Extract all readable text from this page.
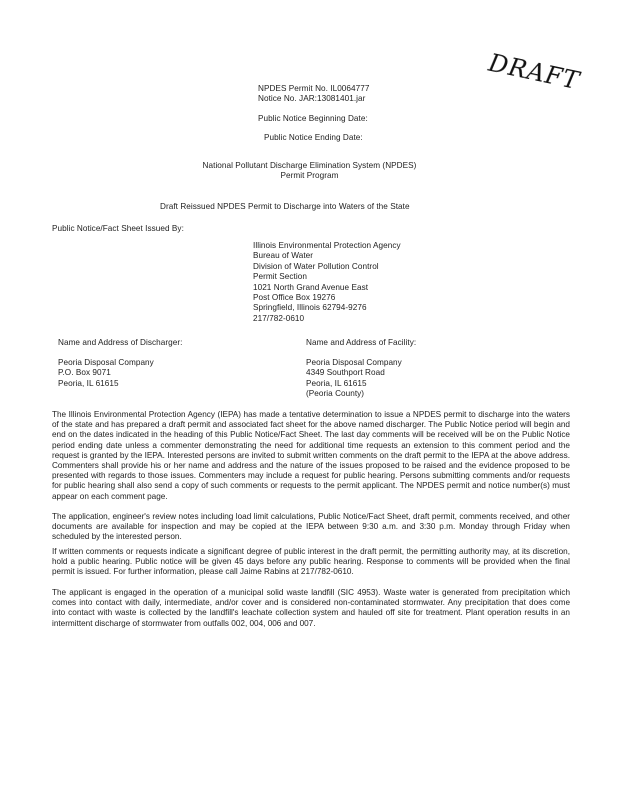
DRAFT
NPDES Permit No. IL0064777
Notice No. JAR:13081401.jar
Public Notice Beginning Date:
Public Notice Ending Date:
National Pollutant Discharge Elimination System (NPDES)
Permit Program
Draft Reissued NPDES Permit to Discharge into Waters of the State
Public Notice/Fact Sheet Issued By:
Illinois Environmental Protection Agency
Bureau of Water
Division of Water Pollution Control
Permit Section
1021 North Grand Avenue East
Post Office Box 19276
Springfield, Illinois 62794-9276
217/782-0610
Name and Address of Discharger:
Peoria Disposal Company
P.O. Box 9071
Peoria, IL 61615
Name and Address of Facility:
Peoria Disposal Company
4349 Southport Road
Peoria, IL 61615
(Peoria County)
The Illinois Environmental Protection Agency (IEPA) has made a tentative determination to issue a NPDES permit to discharge into the waters of the state and has prepared a draft permit and associated fact sheet for the above named discharger. The Public Notice period will begin and end on the dates indicated in the heading of this Public Notice/Fact Sheet. The last day comments will be received will be on the Public Notice period ending date unless a commenter demonstrating the need for additional time requests an extension to this comment period and the request is granted by the IEPA. Interested persons are invited to submit written comments on the draft permit to the IEPA at the above address. Commenters shall provide his or her name and address and the nature of the issues proposed to be raised and the evidence proposed to be presented with regards to those issues. Commenters may include a request for public hearing. Persons submitting comments and/or requests for public hearing shall also send a copy of such comments or requests to the permit applicant. The NPDES permit and notice number(s) must appear on each comment page.
The application, engineer's review notes including load limit calculations, Public Notice/Fact Sheet, draft permit, comments received, and other documents are available for inspection and may be copied at the IEPA between 9:30 a.m. and 3:30 p.m. Monday through Friday when scheduled by the interested person.
If written comments or requests indicate a significant degree of public interest in the draft permit, the permitting authority may, at its discretion, hold a public hearing. Public notice will be given 45 days before any public hearing. Response to comments will be provided when the final permit is issued. For further information, please call Jaime Rabins at 217/782-0610.
The applicant is engaged in the operation of a municipal solid waste landfill (SIC 4953). Waste water is generated from precipitation which comes into contact with daily, intermediate, and/or cover and is considered non-contaminated stormwater. Any precipitation that does come into contact with waste is collected by the landfill's leachate collection system and hauled off site for treatment. Plant operation results in an intermittent discharge of stormwater from outfalls 002, 004, 006 and 007.
